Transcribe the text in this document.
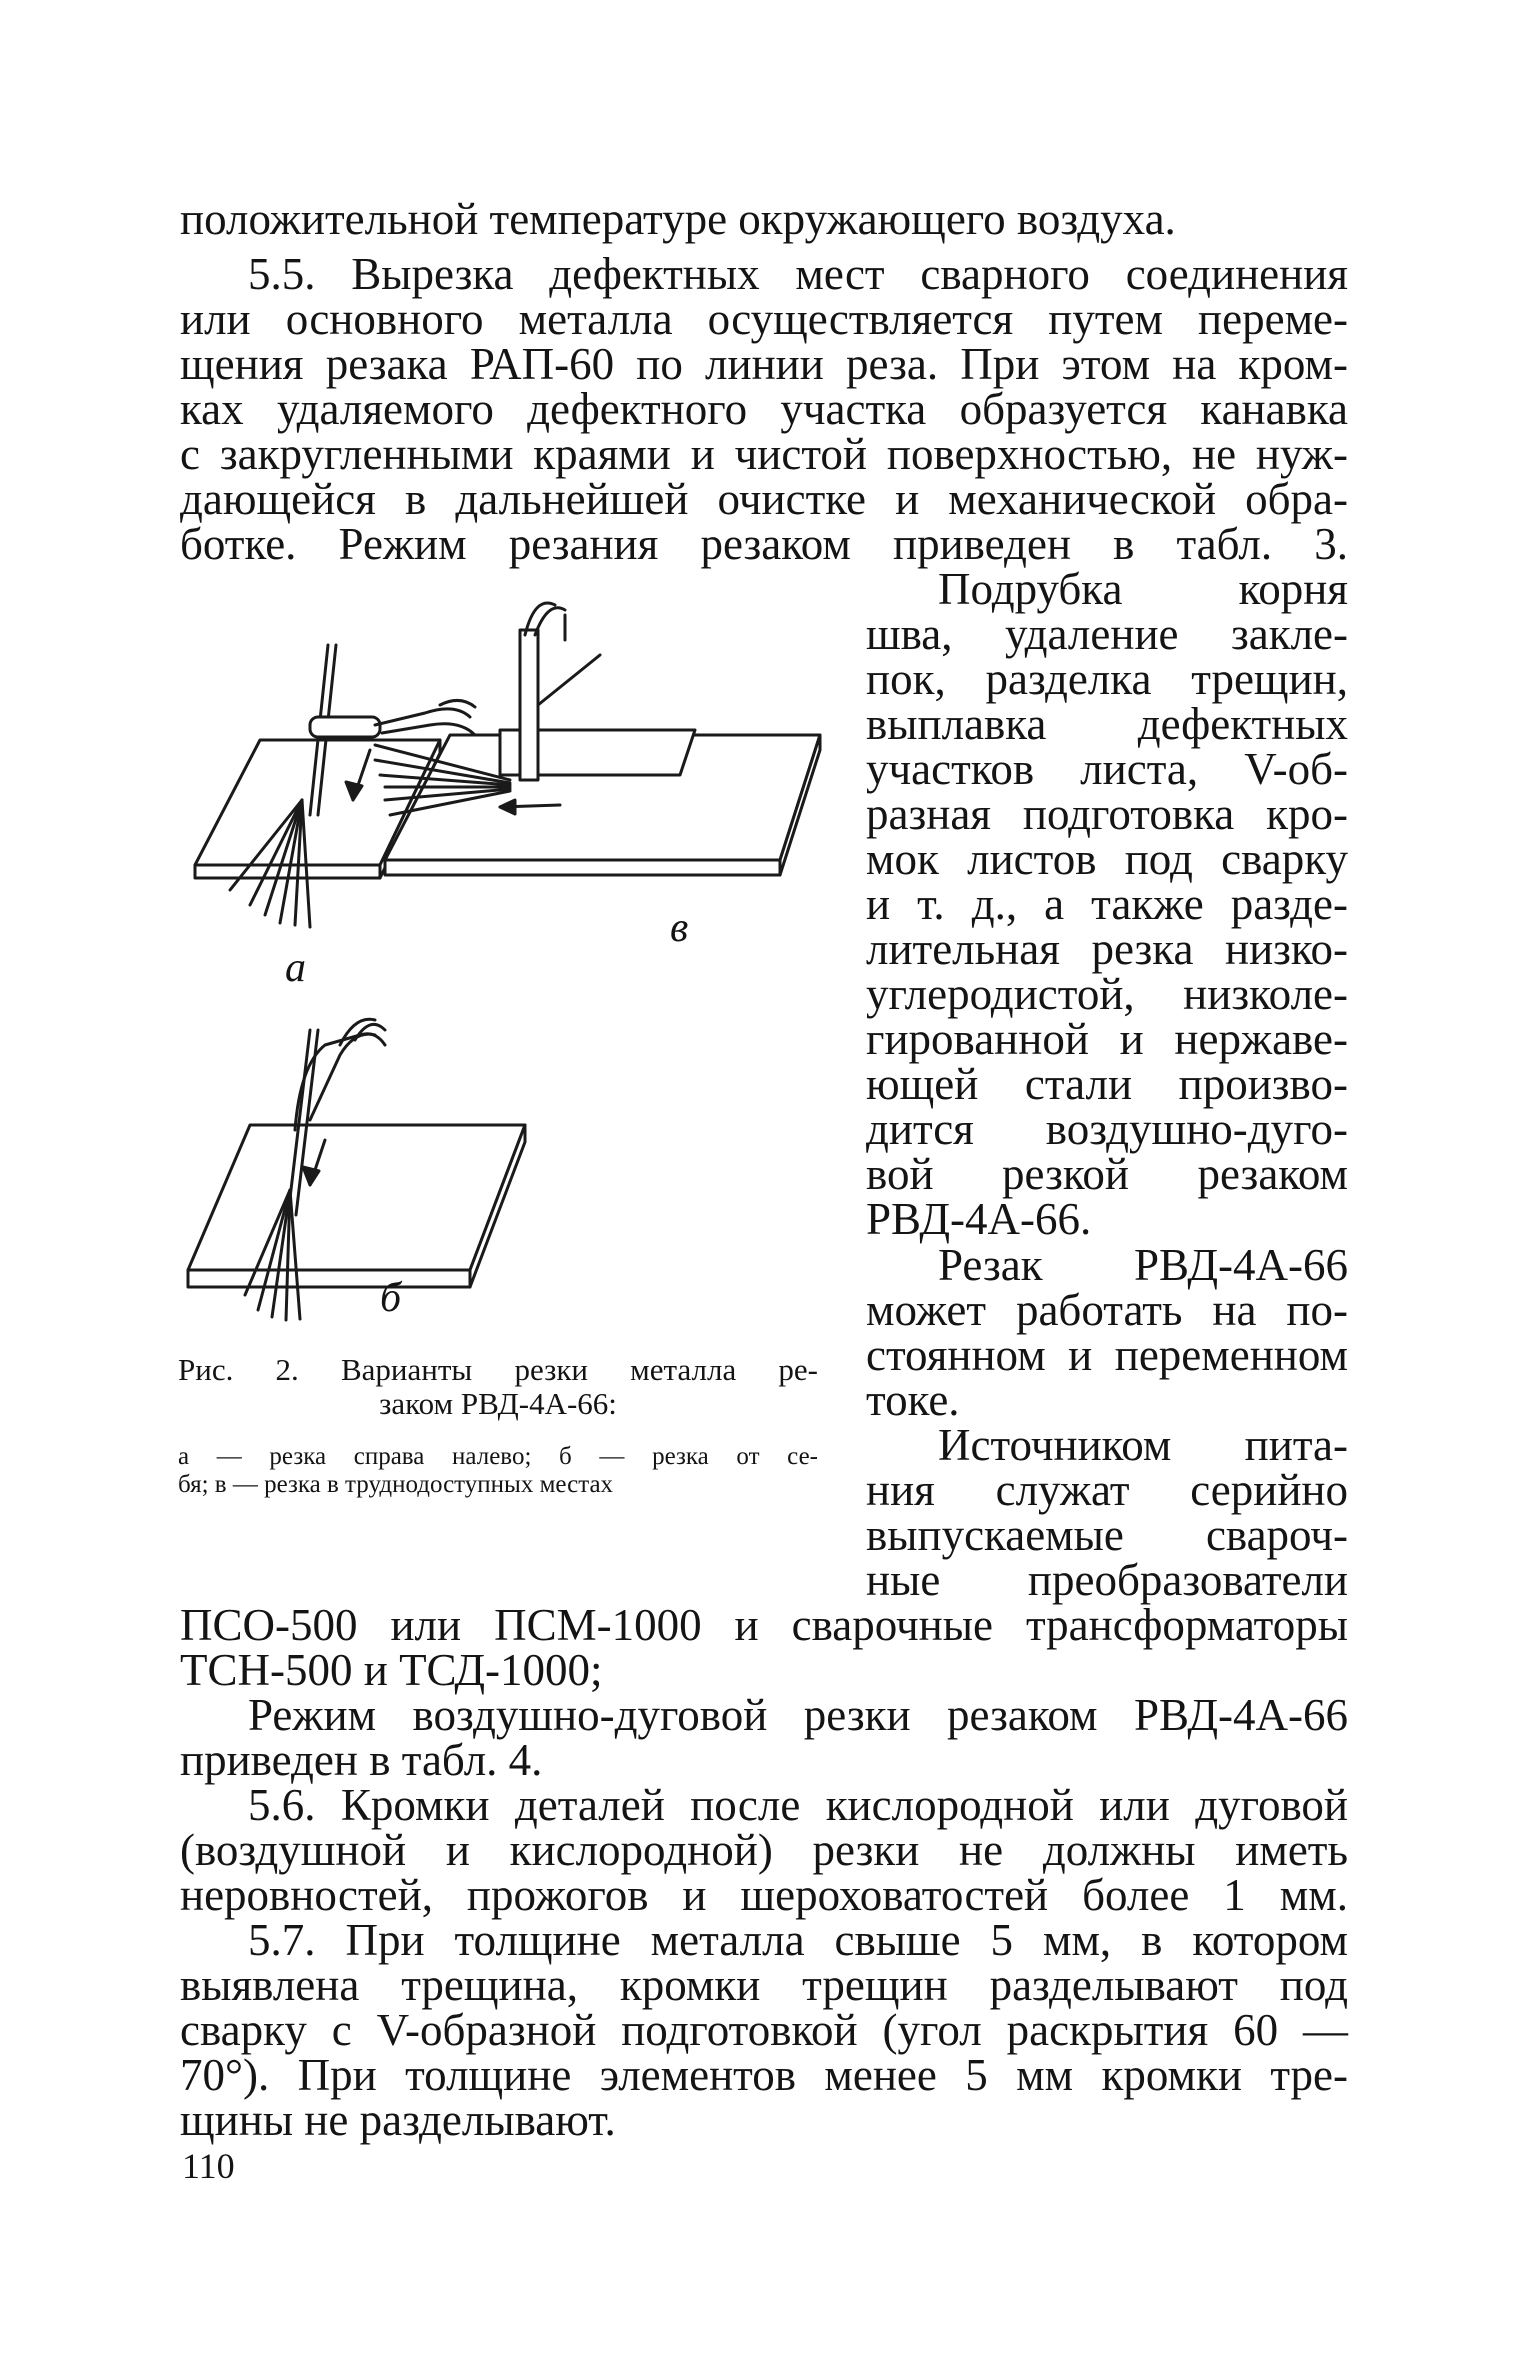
положительной температуре окружающего воздуха.
5.5. Вырезка дефектных мест сварного соединения
или основного металла осуществляется путем переме-
щения резака РАП-60 по линии реза. При этом на кром-
ках удаляемого дефектного участка образуется канавка
с закругленными краями и чистой поверхностью, не нуж-
дающейся в дальнейшей очистке и механической обра-
ботке. Режим резания резаком приведен в табл. 3.
Подрубка корня
шва, удаление закле-
пок, разделка трещин,
выплавка дефектных
участков листа, V-об-
разная подготовка кро-
мок листов под сварку
и т. д., а также разде-
лительная резка низко-
углеродистой, низколе-
гированной и нержаве-
ющей стали произво-
дится воздушно-дуго-
вой резкой резаком
РВД-4А-66.
Резак РВД-4А-66
может работать на по-
стоянном и переменном
токе.
Источником пита-
ния служат серийно
выпускаемые свароч-
ные преобразователи
а
в
б
Рис. 2. Варианты резки металла ре-
заком РВД-4А-66:
а — резка справа налево; б — резка от се-
бя; в — резка в труднодоступных местах
ПСО-500 или ПСМ-1000 и сварочные трансформаторы
ТСН-500 и ТСД-1000;
Режим воздушно-дуговой резки резаком РВД-4А-66
приведен в табл. 4.
5.6. Кромки деталей после кислородной или дуговой
(воздушной и кислородной) резки не должны иметь
неровностей, прожогов и шероховатостей более 1 мм.
5.7. При толщине металла свыше 5 мм, в котором
выявлена трещина, кромки трещин разделывают под
сварку с V-образной подготовкой (угол раскрытия 60 —
70°). При толщине элементов менее 5 мм кромки тре-
щины не разделывают.
110
